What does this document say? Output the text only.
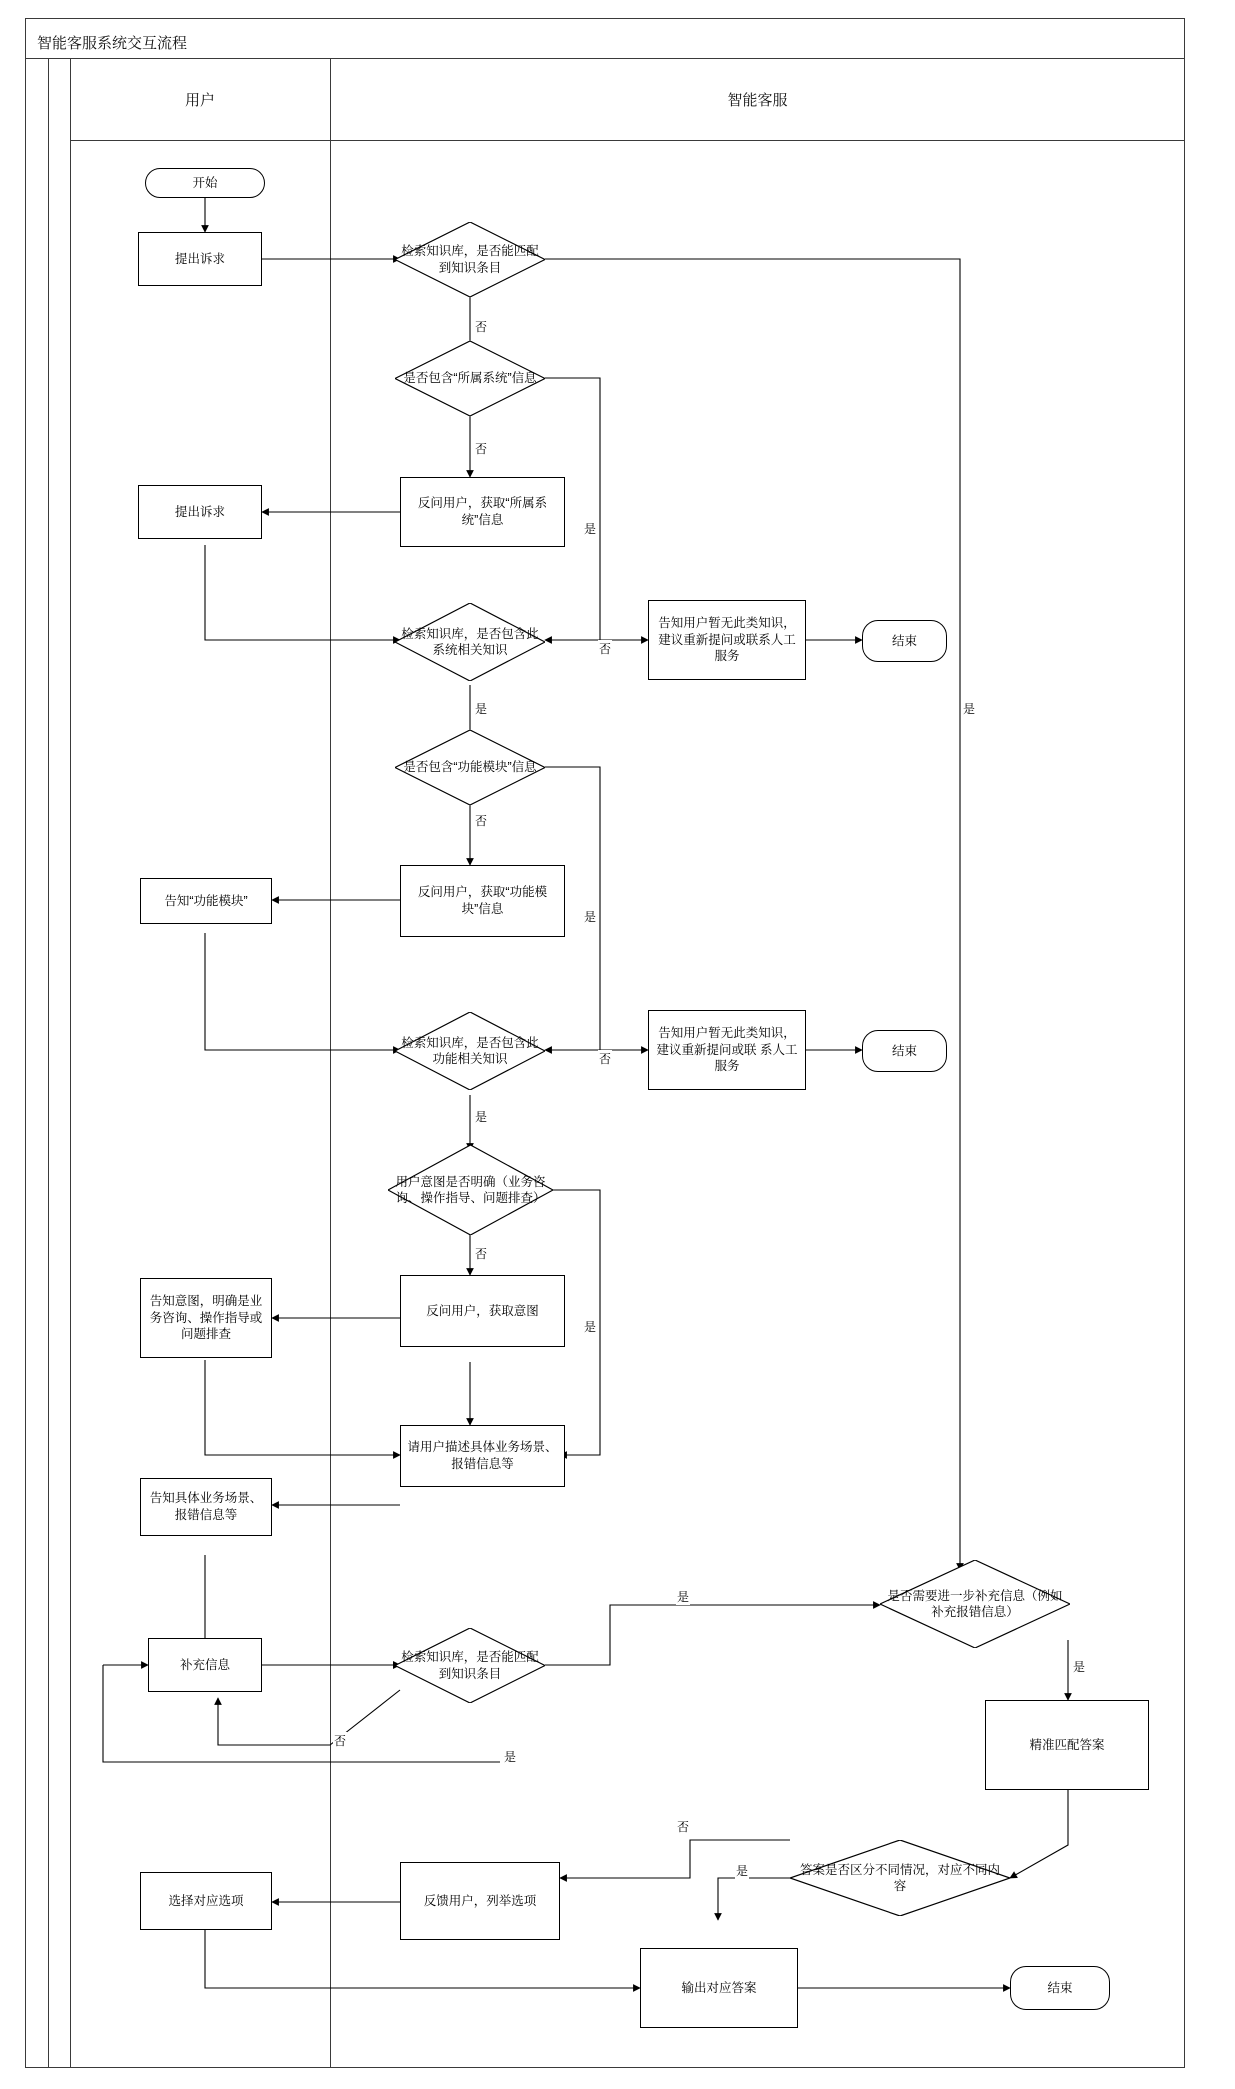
智能客服系统交互流程
用户	智能客服
开始
提出诉求
检索知识库，是否能匹配到知识条目
是否包含“所属系统”信息
反问用户，获取“所属系统”信息
提出诉求
检索知识库，是否包含此系统相关知识
告知用户暂无此类知识，建议重新提问或联系人工服务
结束
是否包含“功能模块”信息
反问用户，获取“功能模块”信息
告知“功能模块”
检索知识库，是否包含此功能相关知识
告知用户暂无此类知识，建议重新提问或联 系人工服务
结束
用户意图是否明确（业务咨询、操作指导、问题排查）
反问用户，获取意图
告知意图，明确是业务咨询、操作指导或问题排查
请用户描述具体业务场景、报错信息等
告知具体业务场景、报错信息等
检索知识库，是否能匹配到知识条目
是否需要进一步补充信息（例如补充报错信息）
补充信息
精准匹配答案
答案是否区分不同情况，对应不同内容
反馈用户，列举选项
选择对应选项
输出对应答案	结束
否
否
是
否
是	是
否
是
否
是
否
是
是
否
是
是
否
是
